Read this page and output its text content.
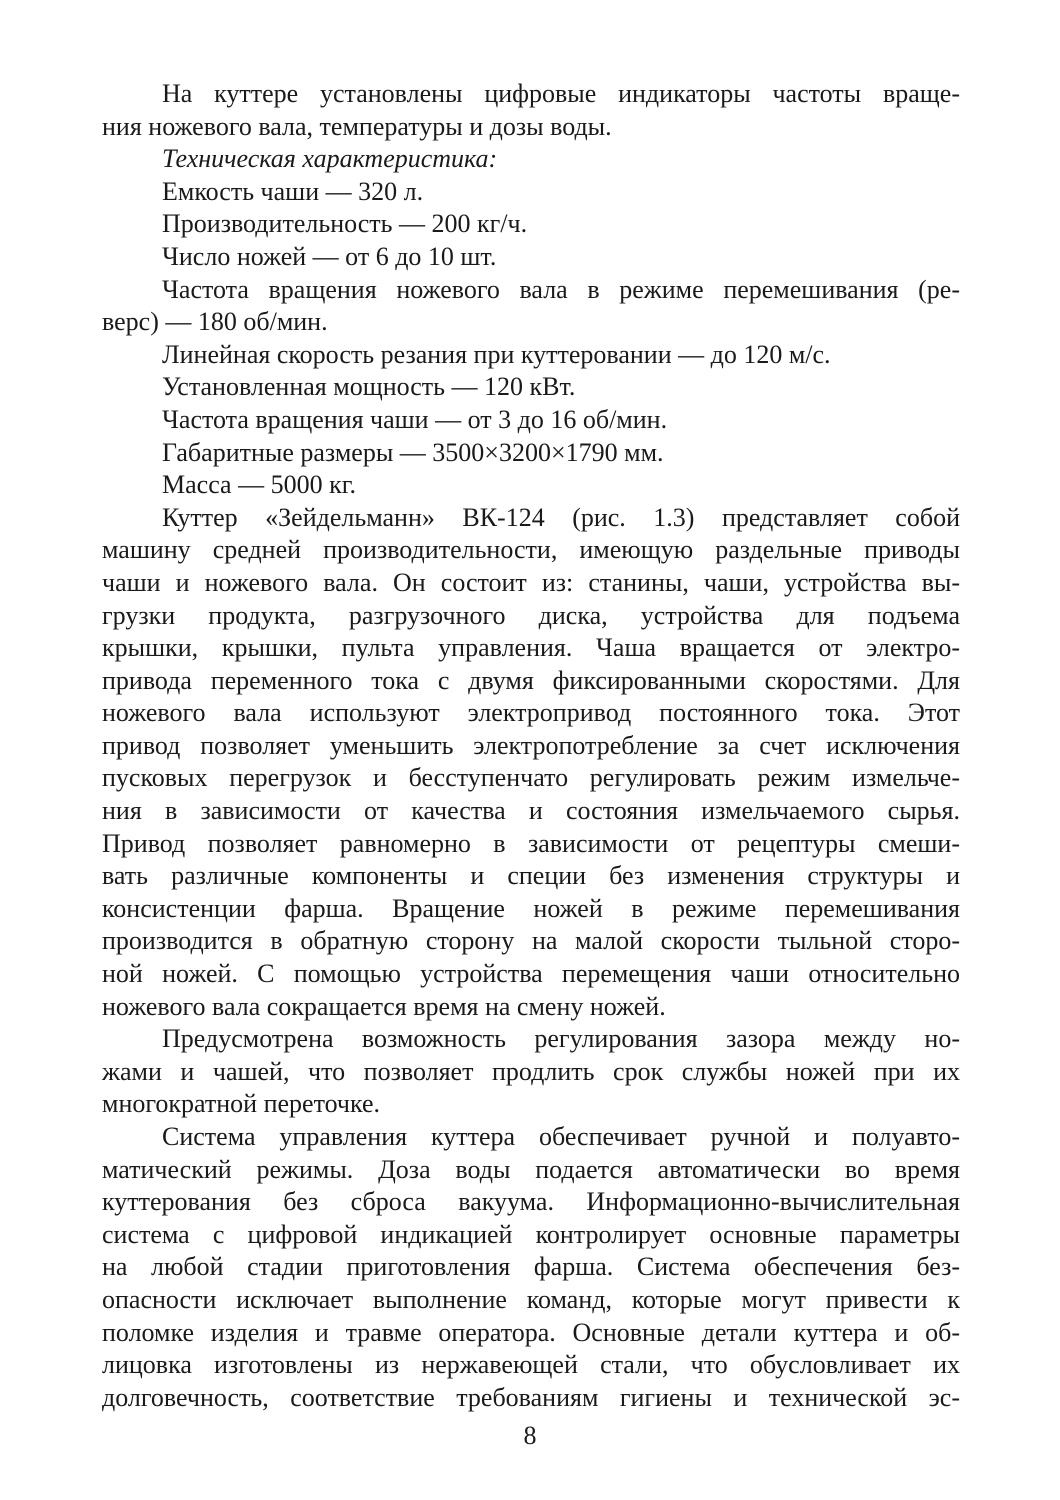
На куттере установлены цифровые индикаторы частоты враще-
ния ножевого вала, температуры и дозы воды.
Техническая характеристика:
Емкость чаши — 320 л.
Производительность — 200 кг/ч.
Число ножей — от 6 до 10 шт.
Частота вращения ножевого вала в режиме перемешивания (ре-
верс) — 180 об/мин.
Линейная скорость резания при куттеровании — до 120 м/с.
Установленная мощность — 120 кВт.
Частота вращения чаши — от 3 до 16 об/мин.
Габаритные размеры — 3500×3200×1790 мм.
Масса — 5000 кг.
Куттер «Зейдельманн» ВК-124 (рис. 1.3) представляет собой
машину средней производительности, имеющую раздельные приводы
чаши и ножевого вала. Он состоит из: станины, чаши, устройства вы-
грузки продукта, разгрузочного диска, устройства для подъема
крышки, крышки, пульта управления. Чаша вращается от электро-
привода переменного тока с двумя фиксированными скоростями. Для
ножевого вала используют электропривод постоянного тока. Этот
привод позволяет уменьшить электропотребление за счет исключения
пусковых перегрузок и бесступенчато регулировать режим измельче-
ния в зависимости от качества и состояния измельчаемого сырья.
Привод позволяет равномерно в зависимости от рецептуры смеши-
вать различные компоненты и специи без изменения структуры и
консистенции фарша. Вращение ножей в режиме перемешивания
производится в обратную сторону на малой скорости тыльной сторо-
ной ножей. С помощью устройства перемещения чаши относительно
ножевого вала сокращается время на смену ножей.
Предусмотрена возможность регулирования зазора между но-
жами и чашей, что позволяет продлить срок службы ножей при их
многократной переточке.
Система управления куттера обеспечивает ручной и полуавто-
матический режимы. Доза воды подается автоматически во время
куттерования без сброса вакуума. Информационно-вычислительная
система с цифровой индикацией контролирует основные параметры
на любой стадии приготовления фарша. Система обеспечения без-
опасности исключает выполнение команд, которые могут привести к
поломке изделия и травме оператора. Основные детали куттера и об-
лицовка изготовлены из нержавеющей стали, что обусловливает их
долговечность, соответствие требованиям гигиены и технической эс-
8
